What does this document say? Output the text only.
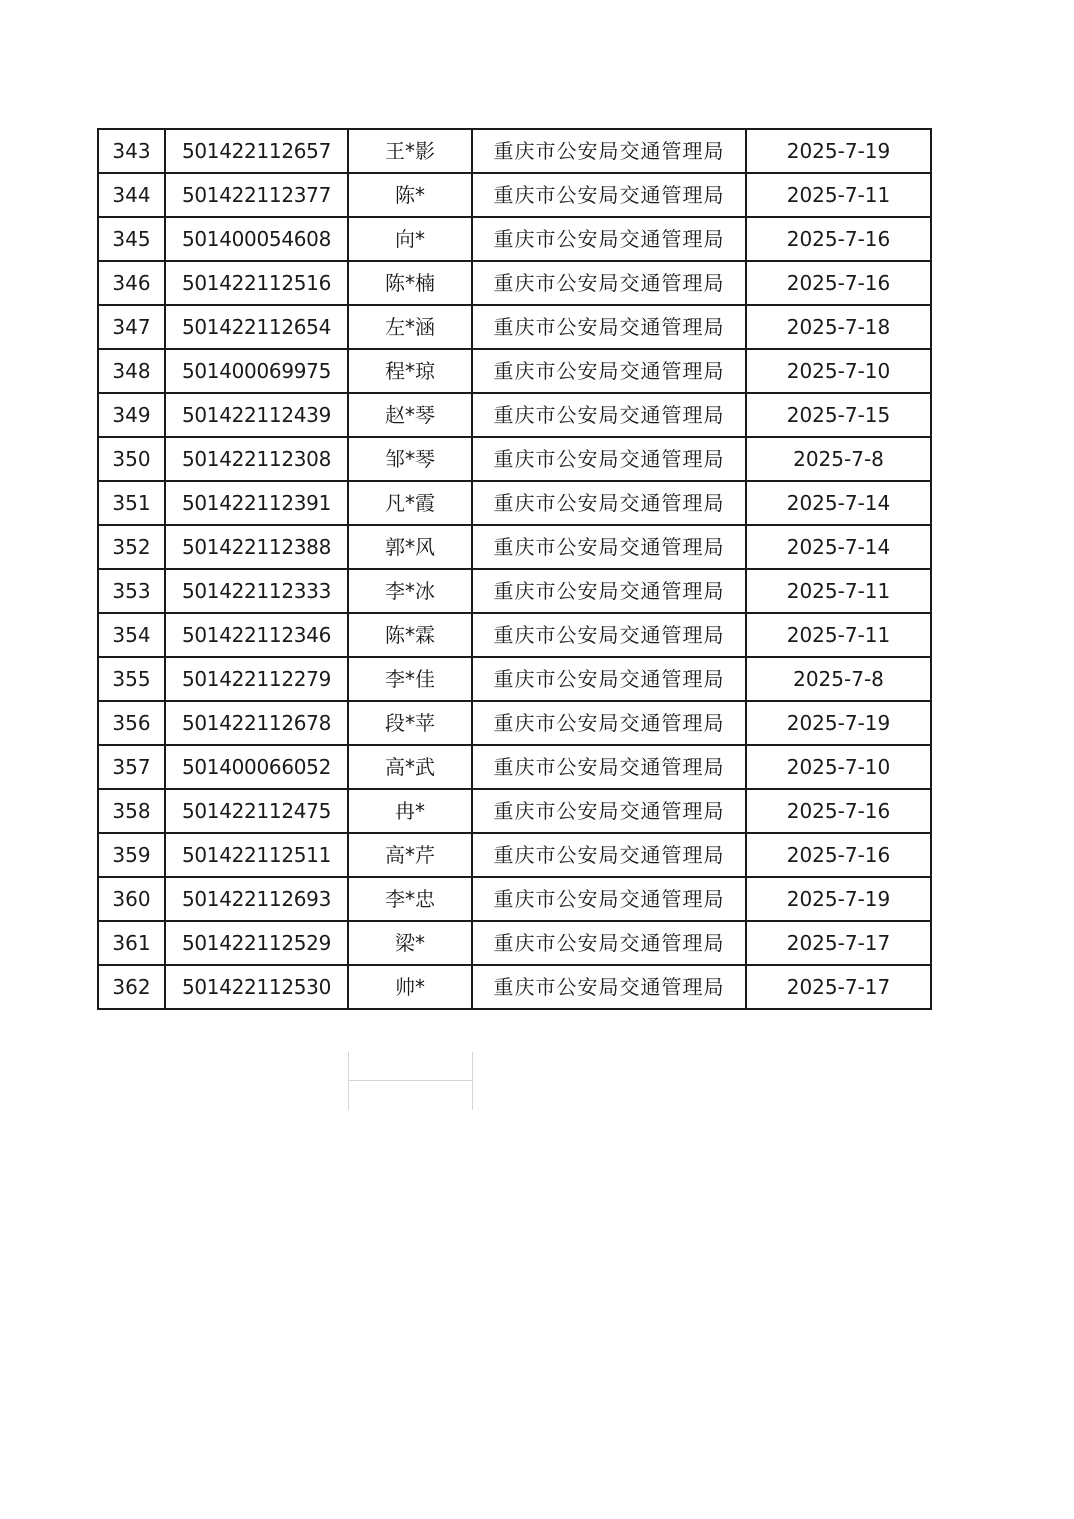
343	501422112657	王*影	重庆市公安局交通管理局	2025-7-19
344	501422112377	陈*	重庆市公安局交通管理局	2025-7-11
345	501400054608	向*	重庆市公安局交通管理局	2025-7-16
346	501422112516	陈*楠	重庆市公安局交通管理局	2025-7-16
347	501422112654	左*涵	重庆市公安局交通管理局	2025-7-18
348	501400069975	程*琼	重庆市公安局交通管理局	2025-7-10
349	501422112439	赵*琴	重庆市公安局交通管理局	2025-7-15
350	501422112308	邹*琴	重庆市公安局交通管理局	2025-7-8
351	501422112391	凡*霞	重庆市公安局交通管理局	2025-7-14
352	501422112388	郭*风	重庆市公安局交通管理局	2025-7-14
353	501422112333	李*冰	重庆市公安局交通管理局	2025-7-11
354	501422112346	陈*霖	重庆市公安局交通管理局	2025-7-11
355	501422112279	李*佳	重庆市公安局交通管理局	2025-7-8
356	501422112678	段*苹	重庆市公安局交通管理局	2025-7-19
357	501400066052	高*武	重庆市公安局交通管理局	2025-7-10
358	501422112475	冉*	重庆市公安局交通管理局	2025-7-16
359	501422112511	高*芹	重庆市公安局交通管理局	2025-7-16
360	501422112693	李*忠	重庆市公安局交通管理局	2025-7-19
361	501422112529	梁*	重庆市公安局交通管理局	2025-7-17
362	501422112530	帅*	重庆市公安局交通管理局	2025-7-17
